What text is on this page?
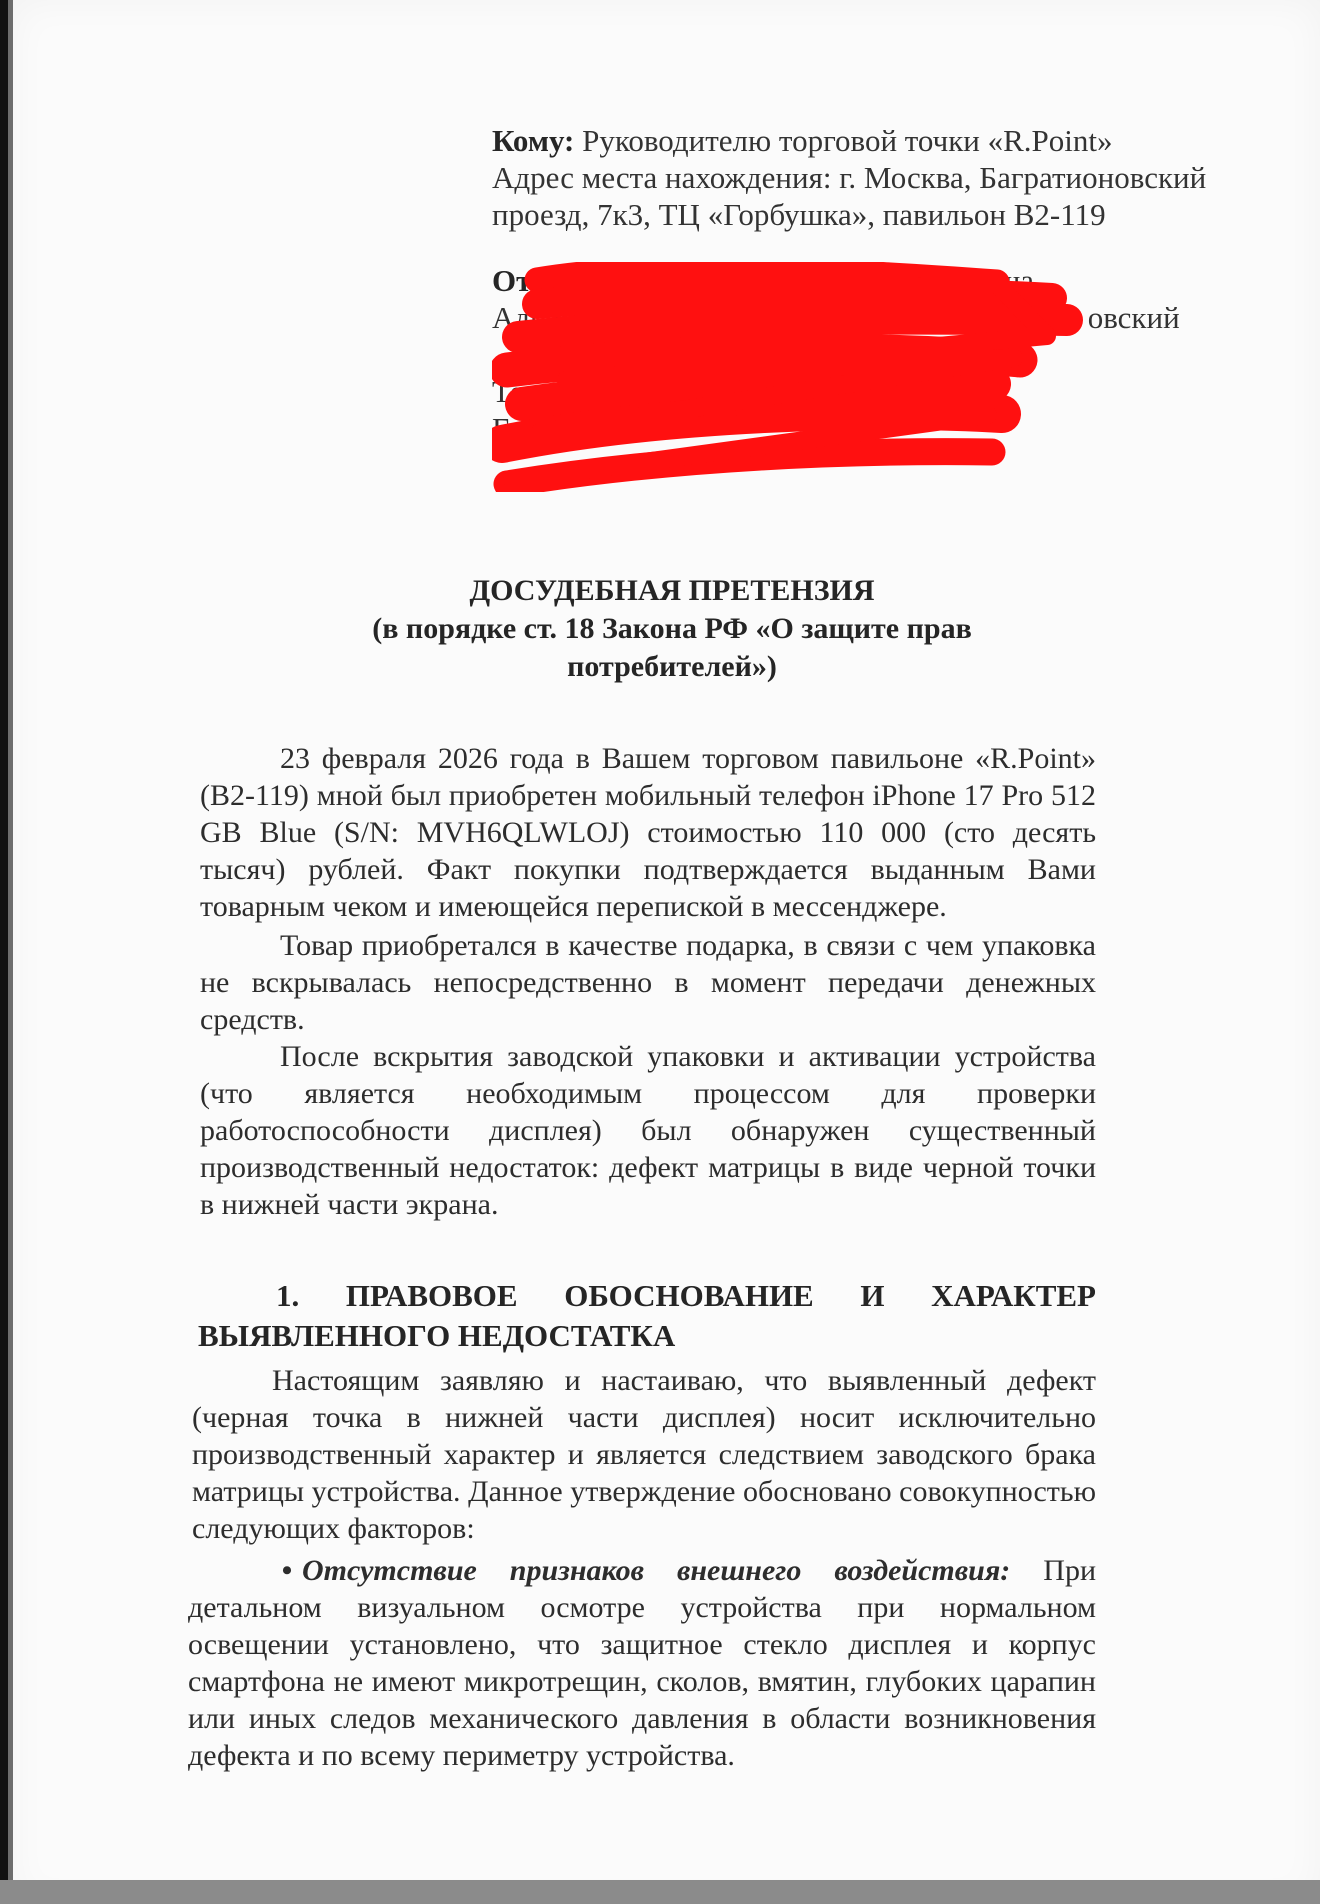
Кому: Руководителю торговой точки «R.Point»
Адрес места нахождения: г. Москва, Багратионовский
проезд, 7к3, ТЦ «Горбушка», павильон B2-119
От кого: См	ча
Адрес для	овский

Тел
Em
ДОСУДЕБНАЯ ПРЕТЕНЗИЯ
(в порядке ст. 18 Закона РФ «О защите прав
потребителей»)

23 февраля 2026 года в Вашем торговом павильоне «R.Point» (B2-119) мной был приобретен мобильный телефон iPhone 17 Pro 512 GB Blue (S/N: MVH6QLWLOJ) стоимостью 110 000 (сто десять тысяч) рублей. Факт покупки подтверждается выданным Вами товарным чеком и имеющейся перепиской в мессенджере.

Товар приобретался в качестве подарка, в связи с чем упаковка не вскрывалась непосредственно в момент передачи денежных средств.

После вскрытия заводской упаковки и активации устройства (что является необходимым процессом для проверки работоспособности дисплея) был обнаружен существенный производственный недостаток: дефект матрицы в виде черной точки в нижней части экрана.

1. ПРАВОВОЕ ОБОСНОВАНИЕ И ХАРАКТЕР ВЫЯВЛЕННОГО НЕДОСТАТКА

Настоящим заявляю и настаиваю, что выявленный дефект (черная точка в нижней части дисплея) носит исключительно производственный характер и является следствием заводского брака матрицы устройства. Данное утверждение обосновано совокупностью следующих факторов:

• Отсутствие признаков внешнего воздействия: При детальном визуальном осмотре устройства при нормальном освещении установлено, что защитное стекло дисплея и корпус смартфона не имеют микротрещин, сколов, вмятин, глубоких царапин или иных следов механического давления в области возникновения дефекта и по всему периметру устройства.
